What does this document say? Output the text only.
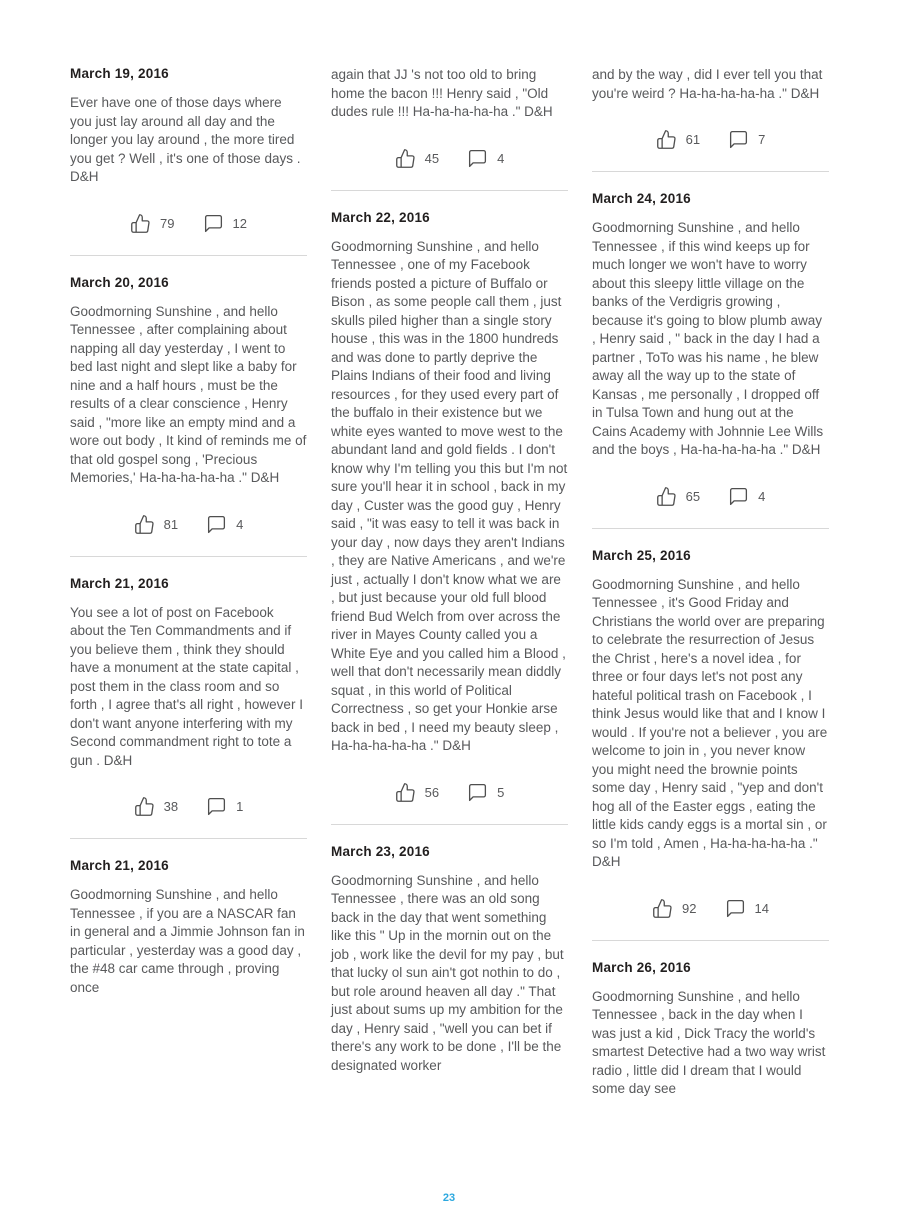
March 19, 2016
Ever have one of those days where you just lay around all day and the longer you lay around , the more tired you get ? Well , it's one of those days . D&H
79	12
March 20, 2016
Goodmorning Sunshine , and hello Tennessee , after complaining about napping all day yesterday , I went to bed last night and slept like a baby for nine and a half hours , must be the results of a clear conscience , Henry said , "more like an empty mind and a wore out body , It kind of reminds me of that old gospel song , 'Precious Memories,' Ha-ha-ha-ha-ha ." D&H
81	4
March 21, 2016
You see a lot of post on Facebook about the Ten Commandments and if you believe them , think they should have a monument at the state capital , post them in the class room and so forth , I agree that's all right , however I don't want anyone interfering with my Second commandment right to tote a gun . D&H
38	1
March 21, 2016
Goodmorning Sunshine , and hello Tennessee , if you are a NASCAR fan in general and a Jimmie Johnson fan in particular , yesterday was a good day , the #48 car came through , proving once
again that JJ 's not too old to bring home the bacon !!! Henry said , "Old dudes rule !!! Ha-ha-ha-ha-ha ." D&H
45	4
March 22, 2016
Goodmorning Sunshine , and hello Tennessee , one of my Facebook friends posted a picture of Buffalo or Bison , as some people call them , just skulls piled higher than a single story house , this was in the 1800 hundreds and was done to partly deprive the Plains Indians of their food and living resources , for they used every part of the buffalo in their existence but we white eyes wanted to move west to the abundant land and gold fields . I don't know why I'm telling you this but I'm not sure you'll hear it in school , back in my day , Custer was the good guy , Henry said , "it was easy to tell it was back in your day , now days they aren't Indians , they are Native Americans , and we're just , actually I don't know what we are , but just because your old full blood friend Bud Welch from over across the river in Mayes County called you a White Eye and you called him a Blood , well that don't necessarily mean diddly squat , in this world of Political Correctness , so get your Honkie arse back in bed , I need my beauty sleep , Ha-ha-ha-ha-ha ." D&H
56	5
March 23, 2016
Goodmorning Sunshine , and hello Tennessee , there was an old song back in the day that went something like this " Up in the mornin out on the job , work like the devil for my pay , but that lucky ol sun ain't got nothin to do , but role around heaven all day ." That just about sums up my ambition for the day , Henry said , "well you can bet if there's any work to be done , I'll be the designated worker
and by the way , did I ever tell you that you're weird ? Ha-ha-ha-ha-ha ." D&H
61	7
March 24, 2016
Goodmorning Sunshine , and hello Tennessee , if this wind keeps up for much longer we won't have to worry about this sleepy little village on the banks of the Verdigris growing , because it's going to blow plumb away , Henry said , " back in the day I had a partner , ToTo was his name , he blew away all the way up to the state of Kansas , me personally , I dropped off in Tulsa Town and hung out at the Cains Academy with Johnnie Lee Wills and the boys , Ha-ha-ha-ha-ha ." D&H
65	4
March 25, 2016
Goodmorning Sunshine , and hello Tennessee , it's Good Friday and Christians the world over are preparing to celebrate the resurrection of Jesus the Christ , here's a novel idea , for three or four days let's not post any hateful political trash on Facebook , I think Jesus would like that and I know I would . If you're not a believer , you are welcome to join in , you never know you might need the brownie points some day , Henry said , "yep and don't hog all of the Easter eggs , eating the little kids candy eggs is a mortal sin , or so I'm told , Amen , Ha-ha-ha-ha-ha ." D&H
92	14
March 26, 2016
Goodmorning Sunshine , and hello Tennessee , back in the day when I was just a kid , Dick Tracy the world's smartest Detective had a two way wrist radio , little did I dream that I would some day see
23
